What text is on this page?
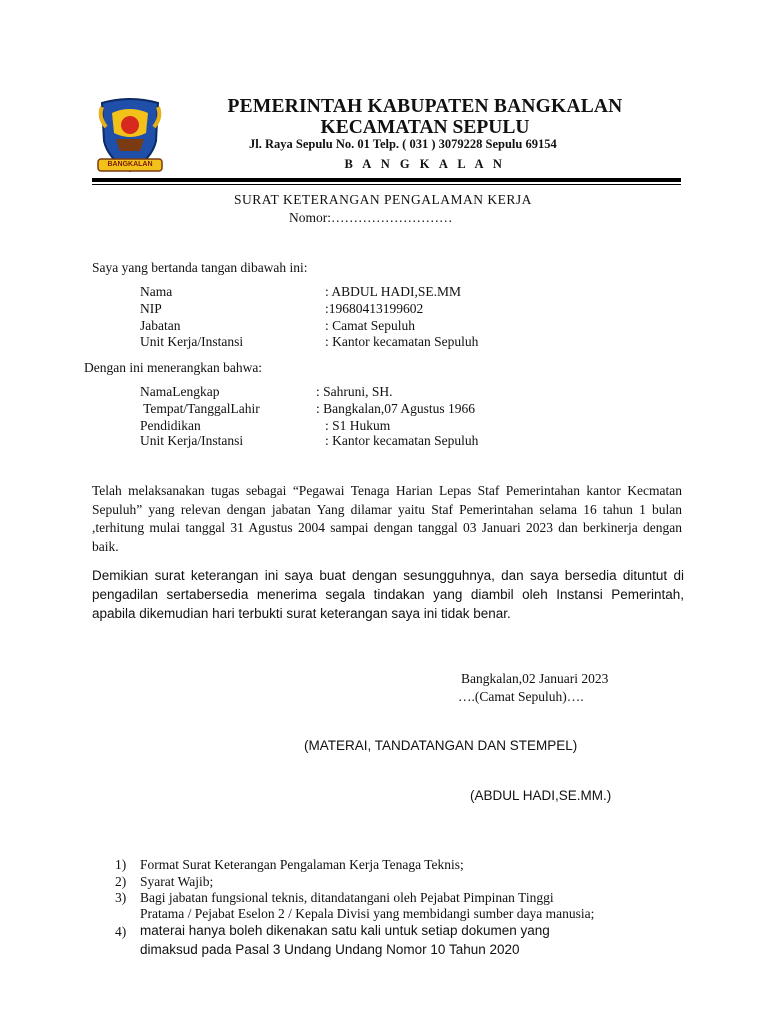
BANGKALAN
PEMERINTAH KABUPATEN BANGKALAN
KECAMATAN SEPULU
Jl. Raya Sepulu No. 01 Telp. ( 031 ) 3079228 Sepulu 69154
B A N G K A L A N
SURAT KETERANGAN PENGALAMAN KERJA
Nomor:………………………
Saya yang bertanda tangan dibawah ini:
Nama	: ABDUL HADI,SE.MM
NIP	:19680413199602
Jabatan	: Camat Sepuluh
Unit Kerja/Instansi	: Kantor kecamatan Sepuluh
Dengan ini menerangkan bahwa:
NamaLengkap	: Sahruni, SH.
Tempat/TanggalLahir	: Bangkalan,07 Agustus 1966
Pendidikan	: S1 Hukum
Unit Kerja/Instansi	: Kantor kecamatan Sepuluh
Telah melaksanakan tugas sebagai “Pegawai Tenaga Harian Lepas Staf Pemerintahan kantor Kecmatan Sepuluh” yang relevan dengan jabatan Yang dilamar yaitu Staf Pemerintahan selama 16 tahun 1 bulan ,terhitung mulai tanggal 31 Agustus 2004 sampai dengan tanggal 03 Januari 2023 dan berkinerja dengan baik.
Demikian surat keterangan ini saya buat dengan sesungguhnya, dan saya bersedia dituntut di pengadilan sertabersedia menerima segala tindakan yang diambil oleh Instansi Pemerintah, apabila dikemudian hari terbukti surat keterangan saya ini tidak benar.
Bangkalan,02 Januari 2023
….(Camat Sepuluh)….
(MATERAI, TANDATANGAN DAN STEMPEL)
(ABDUL HADI,SE.MM.)
1) Format Surat Keterangan Pengalaman Kerja Tenaga Teknis;
2) Syarat Wajib;
3) Bagi jabatan fungsional teknis, ditandatangani oleh Pejabat Pimpinan Tinggi
Pratama / Pejabat Eselon 2 / Kepala Divisi yang membidangi sumber daya manusia;
4) materai hanya boleh dikenakan satu kali untuk setiap dokumen yang
dimaksud pada Pasal 3 Undang Undang Nomor 10 Tahun 2020
